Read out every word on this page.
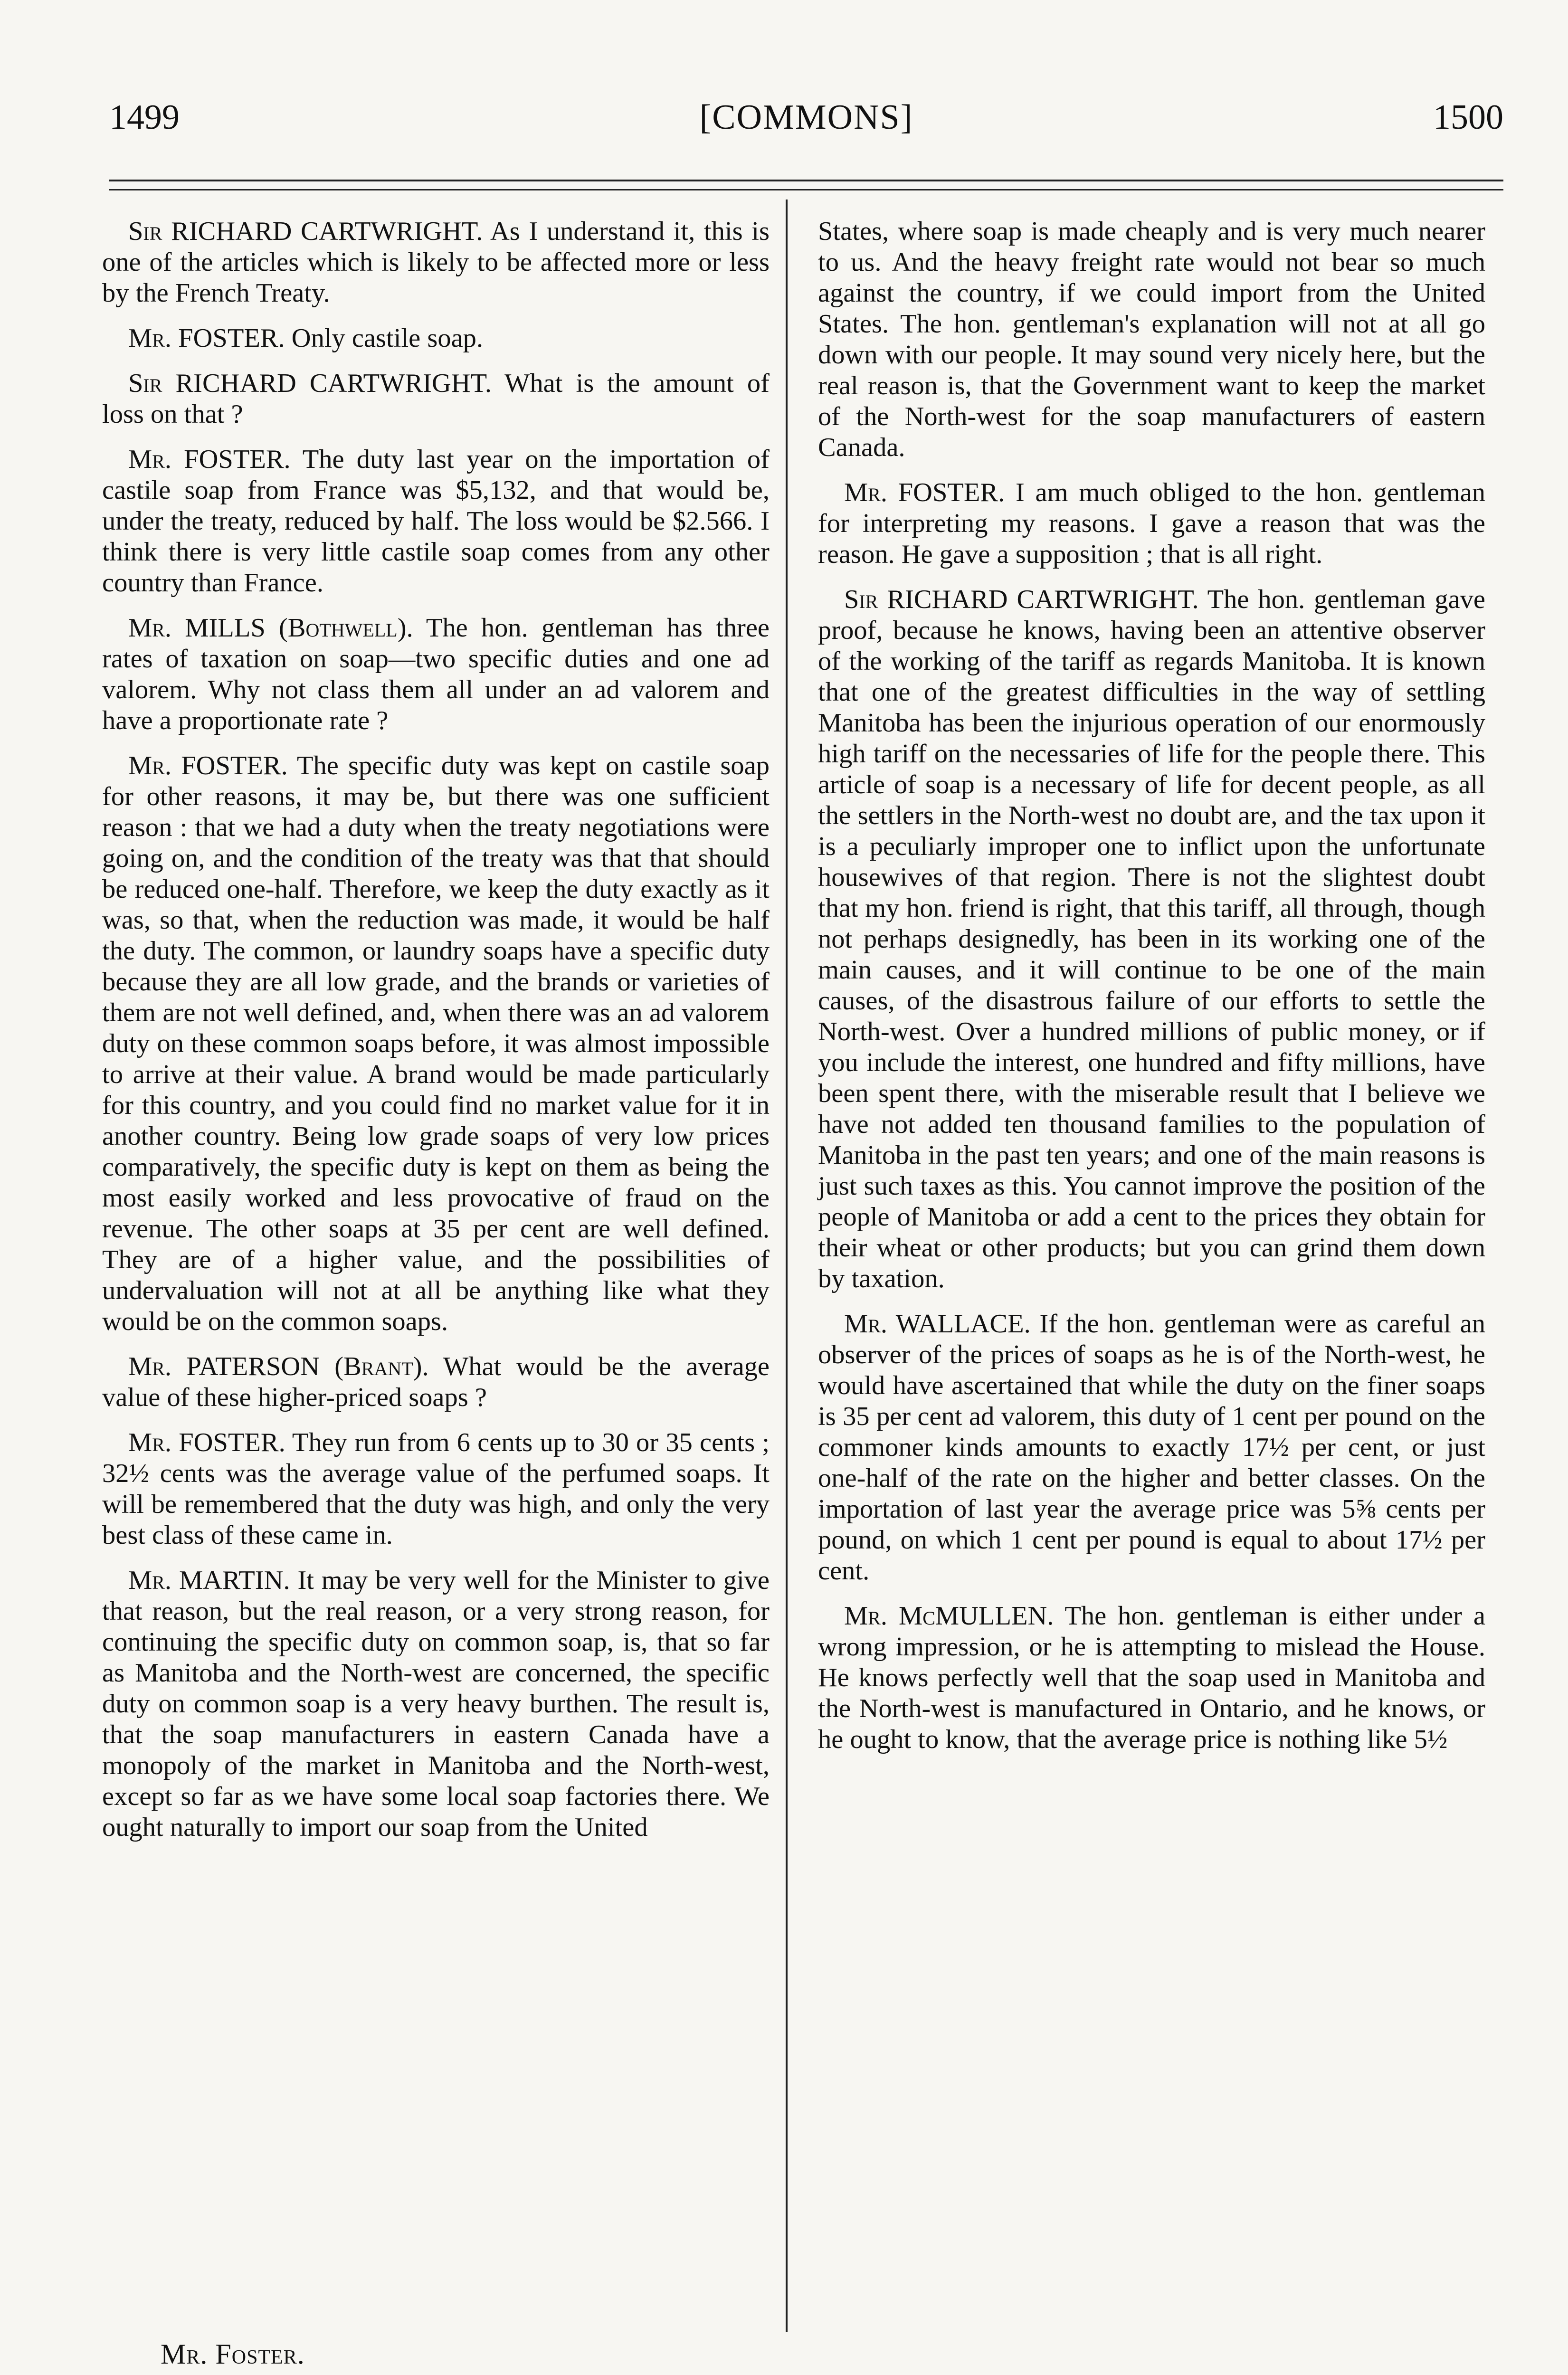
1499	[COMMONS]	1500

Sir RICHARD CARTWRIGHT. As I understand it, this is one of the articles which is likely to be affected more or less by the French Treaty.

Mr. FOSTER. Only castile soap.

Sir RICHARD CARTWRIGHT. What is the amount of loss on that ?

Mr. FOSTER. The duty last year on the importation of castile soap from France was $5,132, and that would be, under the treaty, reduced by half. The loss would be $2.566. I think there is very little castile soap comes from any other country than France.

Mr. MILLS (Bothwell). The hon. gentleman has three rates of taxation on soap—two specific duties and one ad valorem. Why not class them all under an ad valorem and have a proportionate rate ?

Mr. FOSTER. The specific duty was kept on castile soap for other reasons, it may be, but there was one sufficient reason : that we had a duty when the treaty negotiations were going on, and the condition of the treaty was that that should be reduced one-half. Therefore, we keep the duty exactly as it was, so that, when the reduction was made, it would be half the duty. The common, or laundry soaps have a specific duty because they are all low grade, and the brands or varieties of them are not well defined, and, when there was an ad valorem duty on these common soaps before, it was almost impossible to arrive at their value. A brand would be made particularly for this country, and you could find no market value for it in another country. Being low grade soaps of very low prices comparatively, the specific duty is kept on them as being the most easily worked and less provocative of fraud on the revenue. The other soaps at 35 per cent are well defined. They are of a higher value, and the possibilities of undervaluation will not at all be anything like what they would be on the common soaps.

Mr. PATERSON (Brant). What would be the average value of these higher-priced soaps ?

Mr. FOSTER. They run from 6 cents up to 30 or 35 cents ; 32½ cents was the average value of the perfumed soaps. It will be remembered that the duty was high, and only the very best class of these came in.

Mr. MARTIN. It may be very well for the Minister to give that reason, but the real reason, or a very strong reason, for continuing the specific duty on common soap, is, that so far as Manitoba and the North-west are concerned, the specific duty on common soap is a very heavy burthen. The result is, that the soap manufacturers in eastern Canada have a monopoly of the market in Manitoba and the North-west, except so far as we have some local soap factories there. We ought naturally to import our soap from the United

States, where soap is made cheaply and is very much nearer to us. And the heavy freight rate would not bear so much against the country, if we could import from the United States. The hon. gentleman's explanation will not at all go down with our people. It may sound very nicely here, but the real reason is, that the Government want to keep the market of the North-west for the soap manufacturers of eastern Canada.

Mr. FOSTER. I am much obliged to the hon. gentleman for interpreting my reasons. I gave a reason that was the reason. He gave a supposition ; that is all right.

Sir RICHARD CARTWRIGHT. The hon. gentleman gave proof, because he knows, having been an attentive observer of the working of the tariff as regards Manitoba. It is known that one of the greatest difficulties in the way of settling Manitoba has been the injurious operation of our enormously high tariff on the necessaries of life for the people there. This article of soap is a necessary of life for decent people, as all the settlers in the North-west no doubt are, and the tax upon it is a peculiarly improper one to inflict upon the unfortunate housewives of that region. There is not the slightest doubt that my hon. friend is right, that this tariff, all through, though not perhaps designedly, has been in its working one of the main causes, and it will continue to be one of the main causes, of the disastrous failure of our efforts to settle the North-west. Over a hundred millions of public money, or if you include the interest, one hundred and fifty millions, have been spent there, with the miserable result that I believe we have not added ten thousand families to the population of Manitoba in the past ten years; and one of the main reasons is just such taxes as this. You cannot improve the position of the people of Manitoba or add a cent to the prices they obtain for their wheat or other products; but you can grind them down by taxation.

Mr. WALLACE. If the hon. gentleman were as careful an observer of the prices of soaps as he is of the North-west, he would have ascertained that while the duty on the finer soaps is 35 per cent ad valorem, this duty of 1 cent per pound on the commoner kinds amounts to exactly 17½ per cent, or just one-half of the rate on the higher and better classes. On the importation of last year the average price was 5⅝ cents per pound, on which 1 cent per pound is equal to about 17½ per cent.

Mr. McMULLEN. The hon. gentleman is either under a wrong impression, or he is attempting to mislead the House. He knows perfectly well that the soap used in Manitoba and the North-west is manufactured in Ontario, and he knows, or he ought to know, that the average price is nothing like 5½

Mr. Foster.
